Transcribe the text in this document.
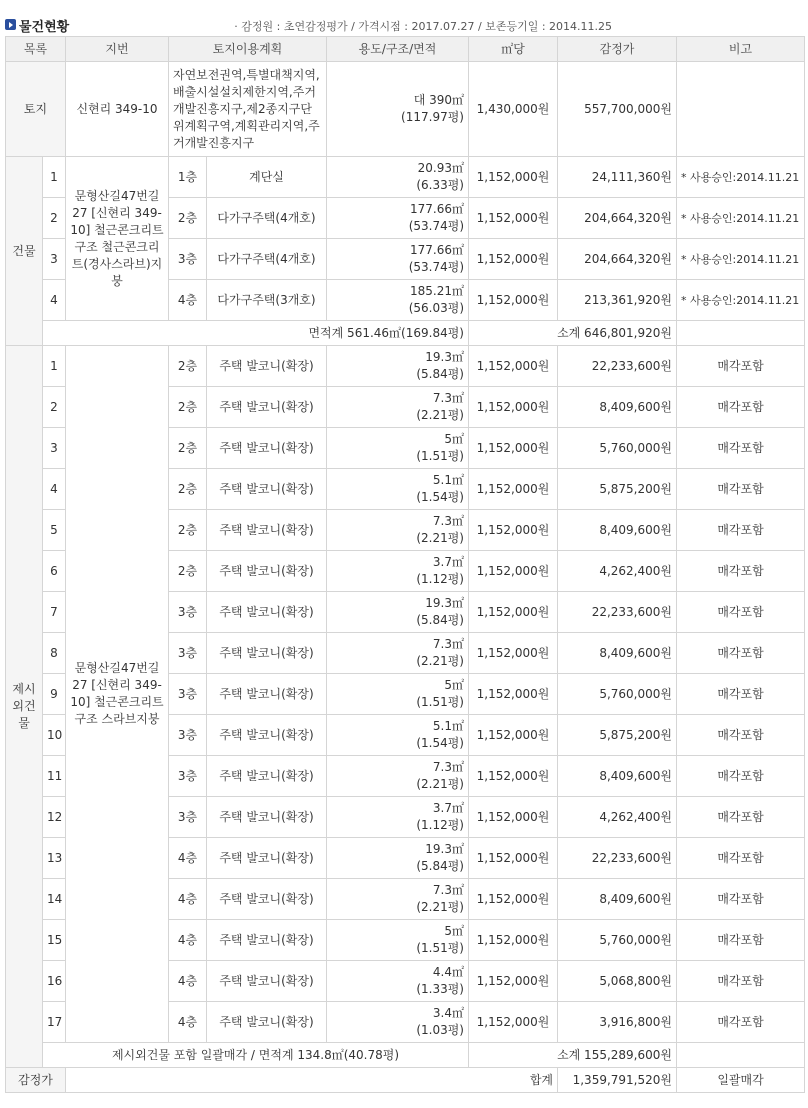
물건현황	· 감정원 : 초연감정평가 / 가격시점 : 2017.07.27 / 보존등기일 : 2014.11.25
목록		지번	토지이용계획		용도/구조/면적	㎡당	감정가	비고
토지		신현리 349-10	자연보전권역,특별대책지역,배출시설설치제한지역,주거개발진흥지구,제2종지구단위계획구역,계획관리지역,주거개발진흥지구		대 390㎡
(117.97평)	1,430,000원	557,700,000원	
건물	1	문형산길47번길 27 [신현리 349-10] 철근콘크리트구조 철근콘크리트(경사스라브)지붕	1층	계단실	20.93㎡
(6.33평)	1,152,000원	24,111,360원	* 사용승인:2014.11.21
	2		2층	다가구주택(4개호)	177.66㎡
(53.74평)	1,152,000원	204,664,320원	* 사용승인:2014.11.21
	3		3층	다가구주택(4개호)	177.66㎡
(53.74평)	1,152,000원	204,664,320원	* 사용승인:2014.11.21
	4		4층	다가구주택(3개호)	185.21㎡
(56.03평)	1,152,000원	213,361,920원	* 사용승인:2014.11.21
	면적계 561.46㎡(169.84평)					소계 646,801,920원		
제시외건물	1	문형산길47번길 27 [신현리 349-10] 철근콘크리트구조 스라브지붕	2층	주택 발코니(확장)	19.3㎡
(5.84평)	1,152,000원	22,233,600원	매각포함
	2		2층	주택 발코니(확장)	7.3㎡
(2.21평)	1,152,000원	8,409,600원	매각포함
	3		2층	주택 발코니(확장)	5㎡
(1.51평)	1,152,000원	5,760,000원	매각포함
	4		2층	주택 발코니(확장)	5.1㎡
(1.54평)	1,152,000원	5,875,200원	매각포함
	5		2층	주택 발코니(확장)	7.3㎡
(2.21평)	1,152,000원	8,409,600원	매각포함
	6		2층	주택 발코니(확장)	3.7㎡
(1.12평)	1,152,000원	4,262,400원	매각포함
	7		3층	주택 발코니(확장)	19.3㎡
(5.84평)	1,152,000원	22,233,600원	매각포함
	8		3층	주택 발코니(확장)	7.3㎡
(2.21평)	1,152,000원	8,409,600원	매각포함
	9		3층	주택 발코니(확장)	5㎡
(1.51평)	1,152,000원	5,760,000원	매각포함
	10		3층	주택 발코니(확장)	5.1㎡
(1.54평)	1,152,000원	5,875,200원	매각포함
	11		3층	주택 발코니(확장)	7.3㎡
(2.21평)	1,152,000원	8,409,600원	매각포함
	12		3층	주택 발코니(확장)	3.7㎡
(1.12평)	1,152,000원	4,262,400원	매각포함
	13		4층	주택 발코니(확장)	19.3㎡
(5.84평)	1,152,000원	22,233,600원	매각포함
	14		4층	주택 발코니(확장)	7.3㎡
(2.21평)	1,152,000원	8,409,600원	매각포함
	15		4층	주택 발코니(확장)	5㎡
(1.51평)	1,152,000원	5,760,000원	매각포함
	16		4층	주택 발코니(확장)	4.4㎡
(1.33평)	1,152,000원	5,068,800원	매각포함
	17		4층	주택 발코니(확장)	3.4㎡
(1.03평)	1,152,000원	3,916,800원	매각포함
	제시외건물 포함 일괄매각 / 면적계 134.8㎡(40.78평)					소계 155,289,600원		
감정가		합계					1,359,791,520원	일괄매각
